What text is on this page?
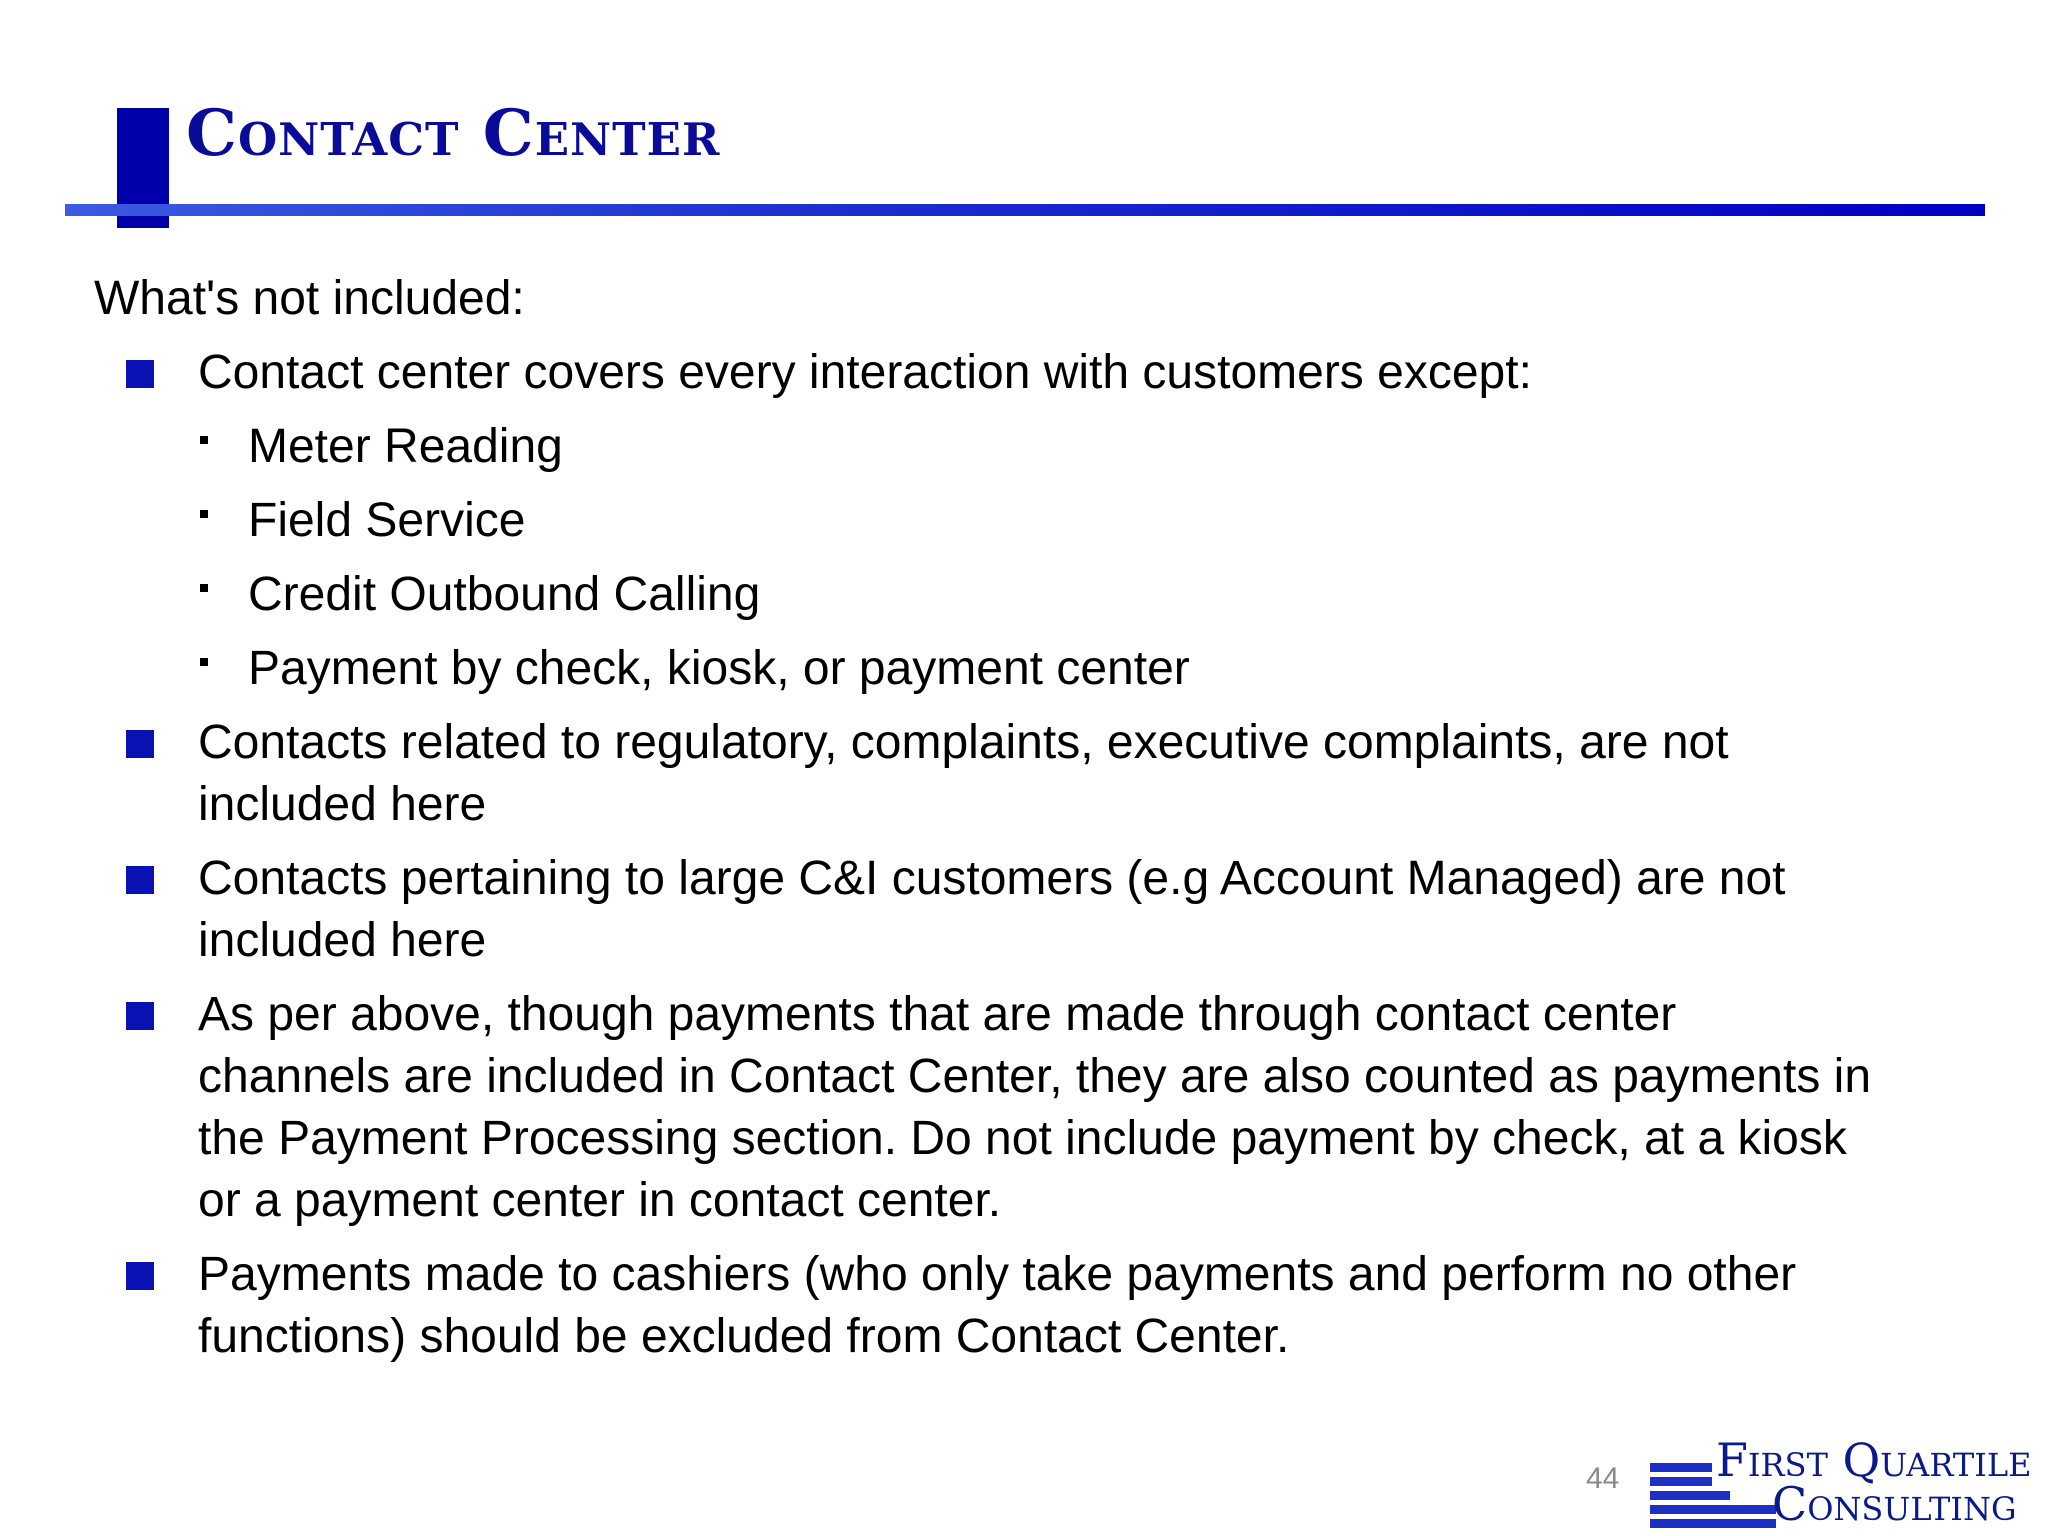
Contact Center

What's not included:

Contact center covers every interaction with customers except:
Meter Reading
Field Service
Credit Outbound Calling
Payment by check, kiosk, or payment center
Contacts related to regulatory, complaints, executive complaints, are not included here
Contacts pertaining to large C&I customers (e.g Account Managed) are not included here
As per above, though payments that are made through contact center channels are included in Contact Center, they are also counted as payments in the Payment Processing section. Do not include payment by check, at a kiosk or a payment center in contact center.
Payments made to cashiers (who only take payments and perform no other functions) should be excluded from Contact Center.
44 First Quartile
Consulting
